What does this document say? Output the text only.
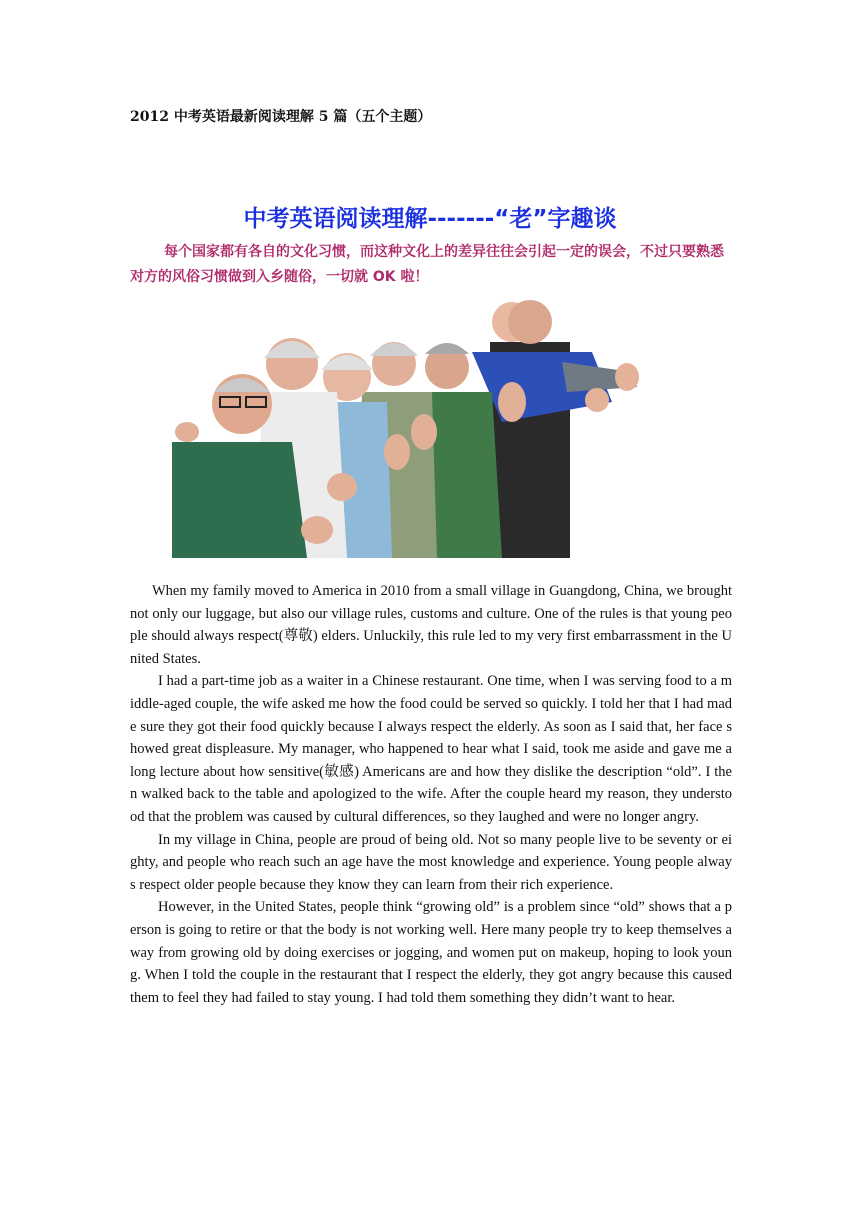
2012 中考英语最新阅读理解 5 篇（五个主题）
中考英语阅读理解-------“老”字趣谈
每个国家都有各自的文化习惯，而这种文化上的差异往往会引起一定的误会，不过只要熟悉对方的风俗习惯做到入乡随俗，一切就 OK 啦！

When my family moved to America in 2010 from a small village in Guangdong, China, we brought not only our luggage, but also our village rules, customs and culture. One of the rules is that young people should always respect(尊敬) elders. Unluckily, this rule led to my very first embarrassment in the United States.

I had a part-time job as a waiter in a Chinese restaurant. One time, when I was serving food to a middle-aged couple, the wife asked me how the food could be served so quickly. I told her that I had made sure they got their food quickly because I always respect the elderly. As soon as I said that, her face showed great displeasure. My manager, who happened to hear what I said, took me aside and gave me a long lecture about how sensitive(敏感) Americans are and how they dislike the description “old”. I then walked back to the table and apologized to the wife. After the couple heard my reason, they understood that the problem was caused by cultural differences, so they laughed and were no longer angry.

In my village in China, people are proud of being old. Not so many people live to be seventy or eighty, and people who reach such an age have the most knowledge and experience. Young people always respect older people because they know they can learn from their rich experience.

However, in the United States, people think “growing old” is a problem since “old” shows that a person is going to retire or that the body is not working well. Here many people try to keep themselves away from growing old by doing exercises or jogging, and women put on makeup, hoping to look young. When I told the couple in the restaurant that I respect the elderly, they got angry because this caused them to feel they had failed to stay young. I had told them something they didn’t want to hear.
